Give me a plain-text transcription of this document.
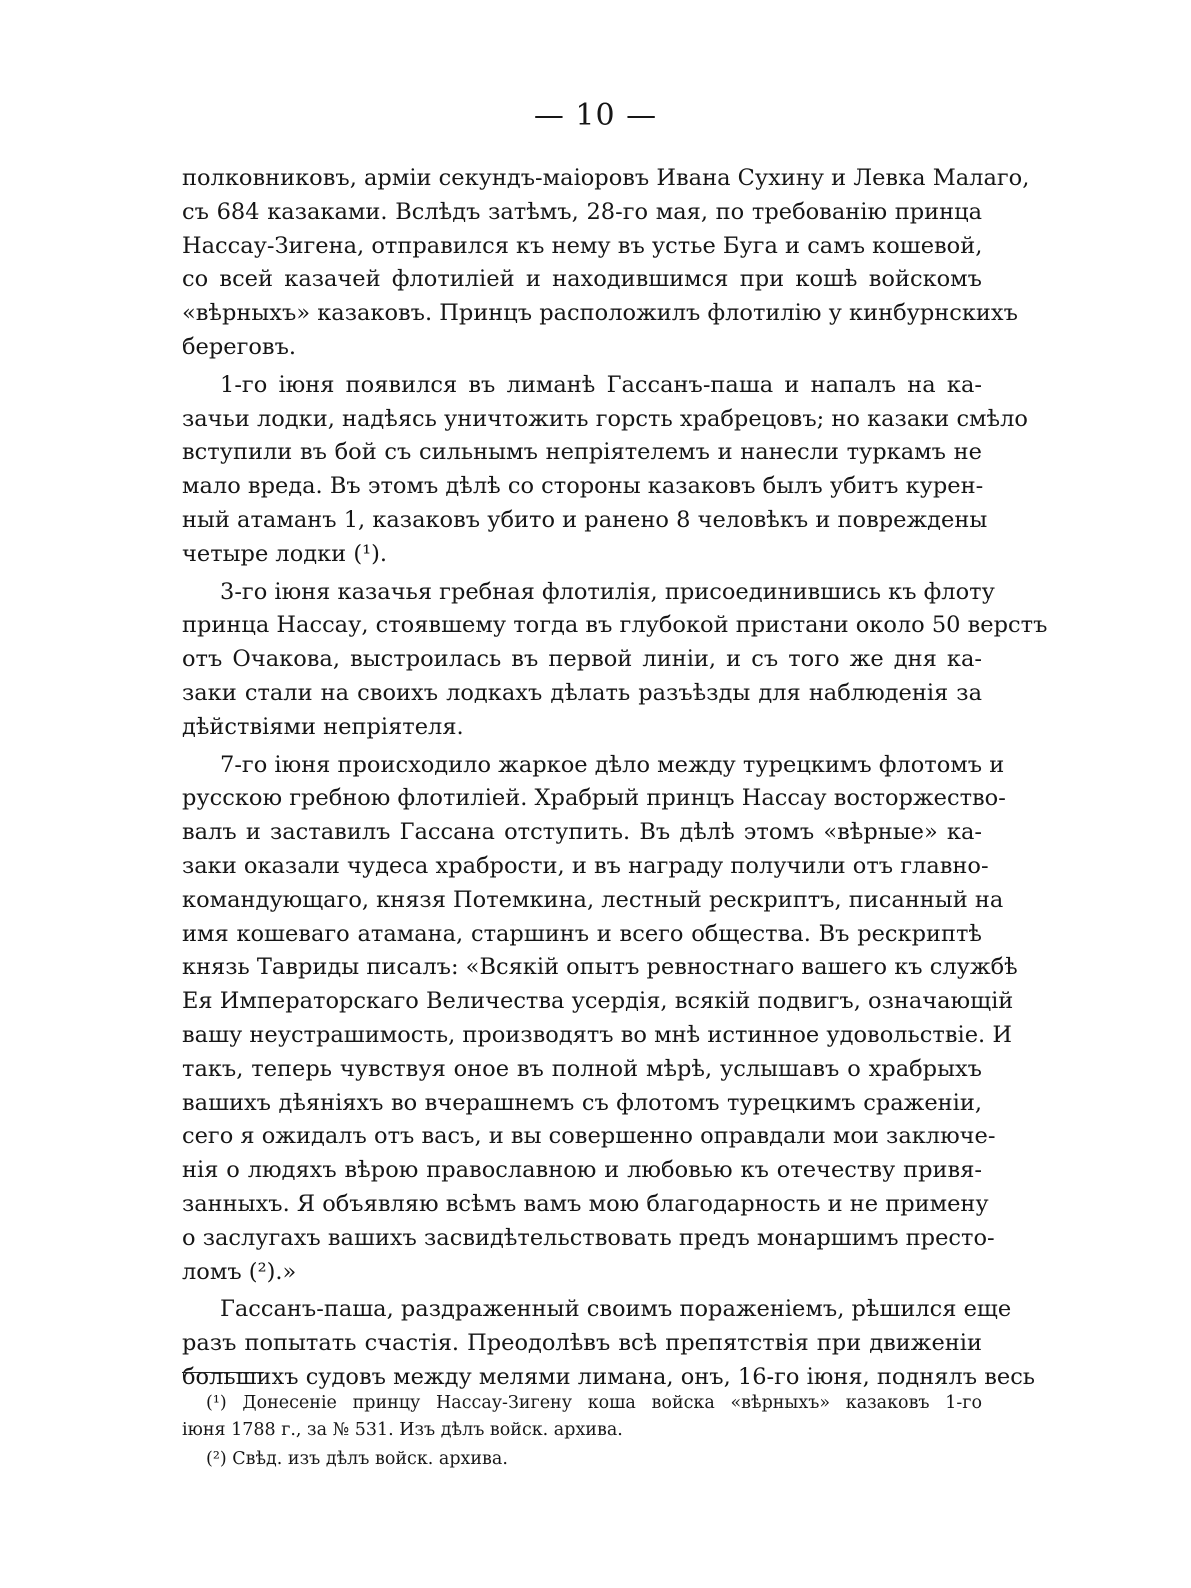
— 10 —
полковниковъ, арміи секундъ-маіоровъ Ивана Сухину и Левка Малаго,
съ 684 казаками. Вслѣдъ затѣмъ, 28-го мая, по требованію принца
Нассау-Зигена, отправился къ нему въ устье Буга и самъ кошевой,
со всей казачей флотиліей и находившимся при кошѣ войскомъ
«вѣрныхъ» казаковъ. Принцъ расположилъ флотилію у кинбурнскихъ
береговъ.
1-го іюня появился въ лиманѣ Гассанъ-паша и напалъ на ка-
зачьи лодки, надѣясь уничтожить горсть храбрецовъ; но казаки смѣло
вступили въ бой съ сильнымъ непріятелемъ и нанесли туркамъ не
мало вреда. Въ этомъ дѣлѣ со стороны казаковъ былъ убитъ курен-
ный атаманъ 1, казаковъ убито и ранено 8 человѣкъ и повреждены
четыре лодки (¹).
3-го іюня казачья гребная флотилія, присоединившись къ флоту
принца Нассау, стоявшему тогда въ глубокой пристани около 50 верстъ
отъ Очакова, выстроилась въ первой линіи, и съ того же дня ка-
заки стали на своихъ лодкахъ дѣлать разъѣзды для наблюденія за
дѣйствіями непріятеля.
7-го іюня происходило жаркое дѣло между турецкимъ флотомъ и
русскою гребною флотиліей. Храбрый принцъ Нассау восторжество-
валъ и заставилъ Гассана отступить. Въ дѣлѣ этомъ «вѣрные» ка-
заки оказали чудеса храбрости, и въ награду получили отъ главно-
командующаго, князя Потемкина, лестный рескриптъ, писанный на
имя кошеваго атамана, старшинъ и всего общества. Въ рескриптѣ
князь Тавриды писалъ: «Всякій опытъ ревностнаго вашего къ службѣ
Ея Императорскаго Величества усердія, всякій подвигъ, означающій
вашу неустрашимость, производятъ во мнѣ истинное удовольствіе. И
такъ, теперь чувствуя оное въ полной мѣрѣ, услышавъ о храбрыхъ
вашихъ дѣяніяхъ во вчерашнемъ съ флотомъ турецкимъ сраженіи,
сего я ожидалъ отъ васъ, и вы совершенно оправдали мои заключе-
нія о людяхъ вѣрою православною и любовью къ отечеству привя-
занныхъ. Я объявляю всѣмъ вамъ мою благодарность и не примену
о заслугахъ вашихъ засвидѣтельствовать предъ монаршимъ престо-
ломъ (²).»
Гассанъ-паша, раздраженный своимъ пораженіемъ, рѣшился еще
разъ попытать счастія. Преодолѣвъ всѣ препятствія при движеніи
большихъ судовъ между мелями лимана, онъ, 16-го іюня, поднялъ весь
(¹) Донесеніе принцу Нассау-Зигену коша войска «вѣрныхъ» казаковъ 1-го
іюня 1788 г., за № 531. Изъ дѣлъ войск. архива.
(²) Свѣд. изъ дѣлъ войск. архива.
